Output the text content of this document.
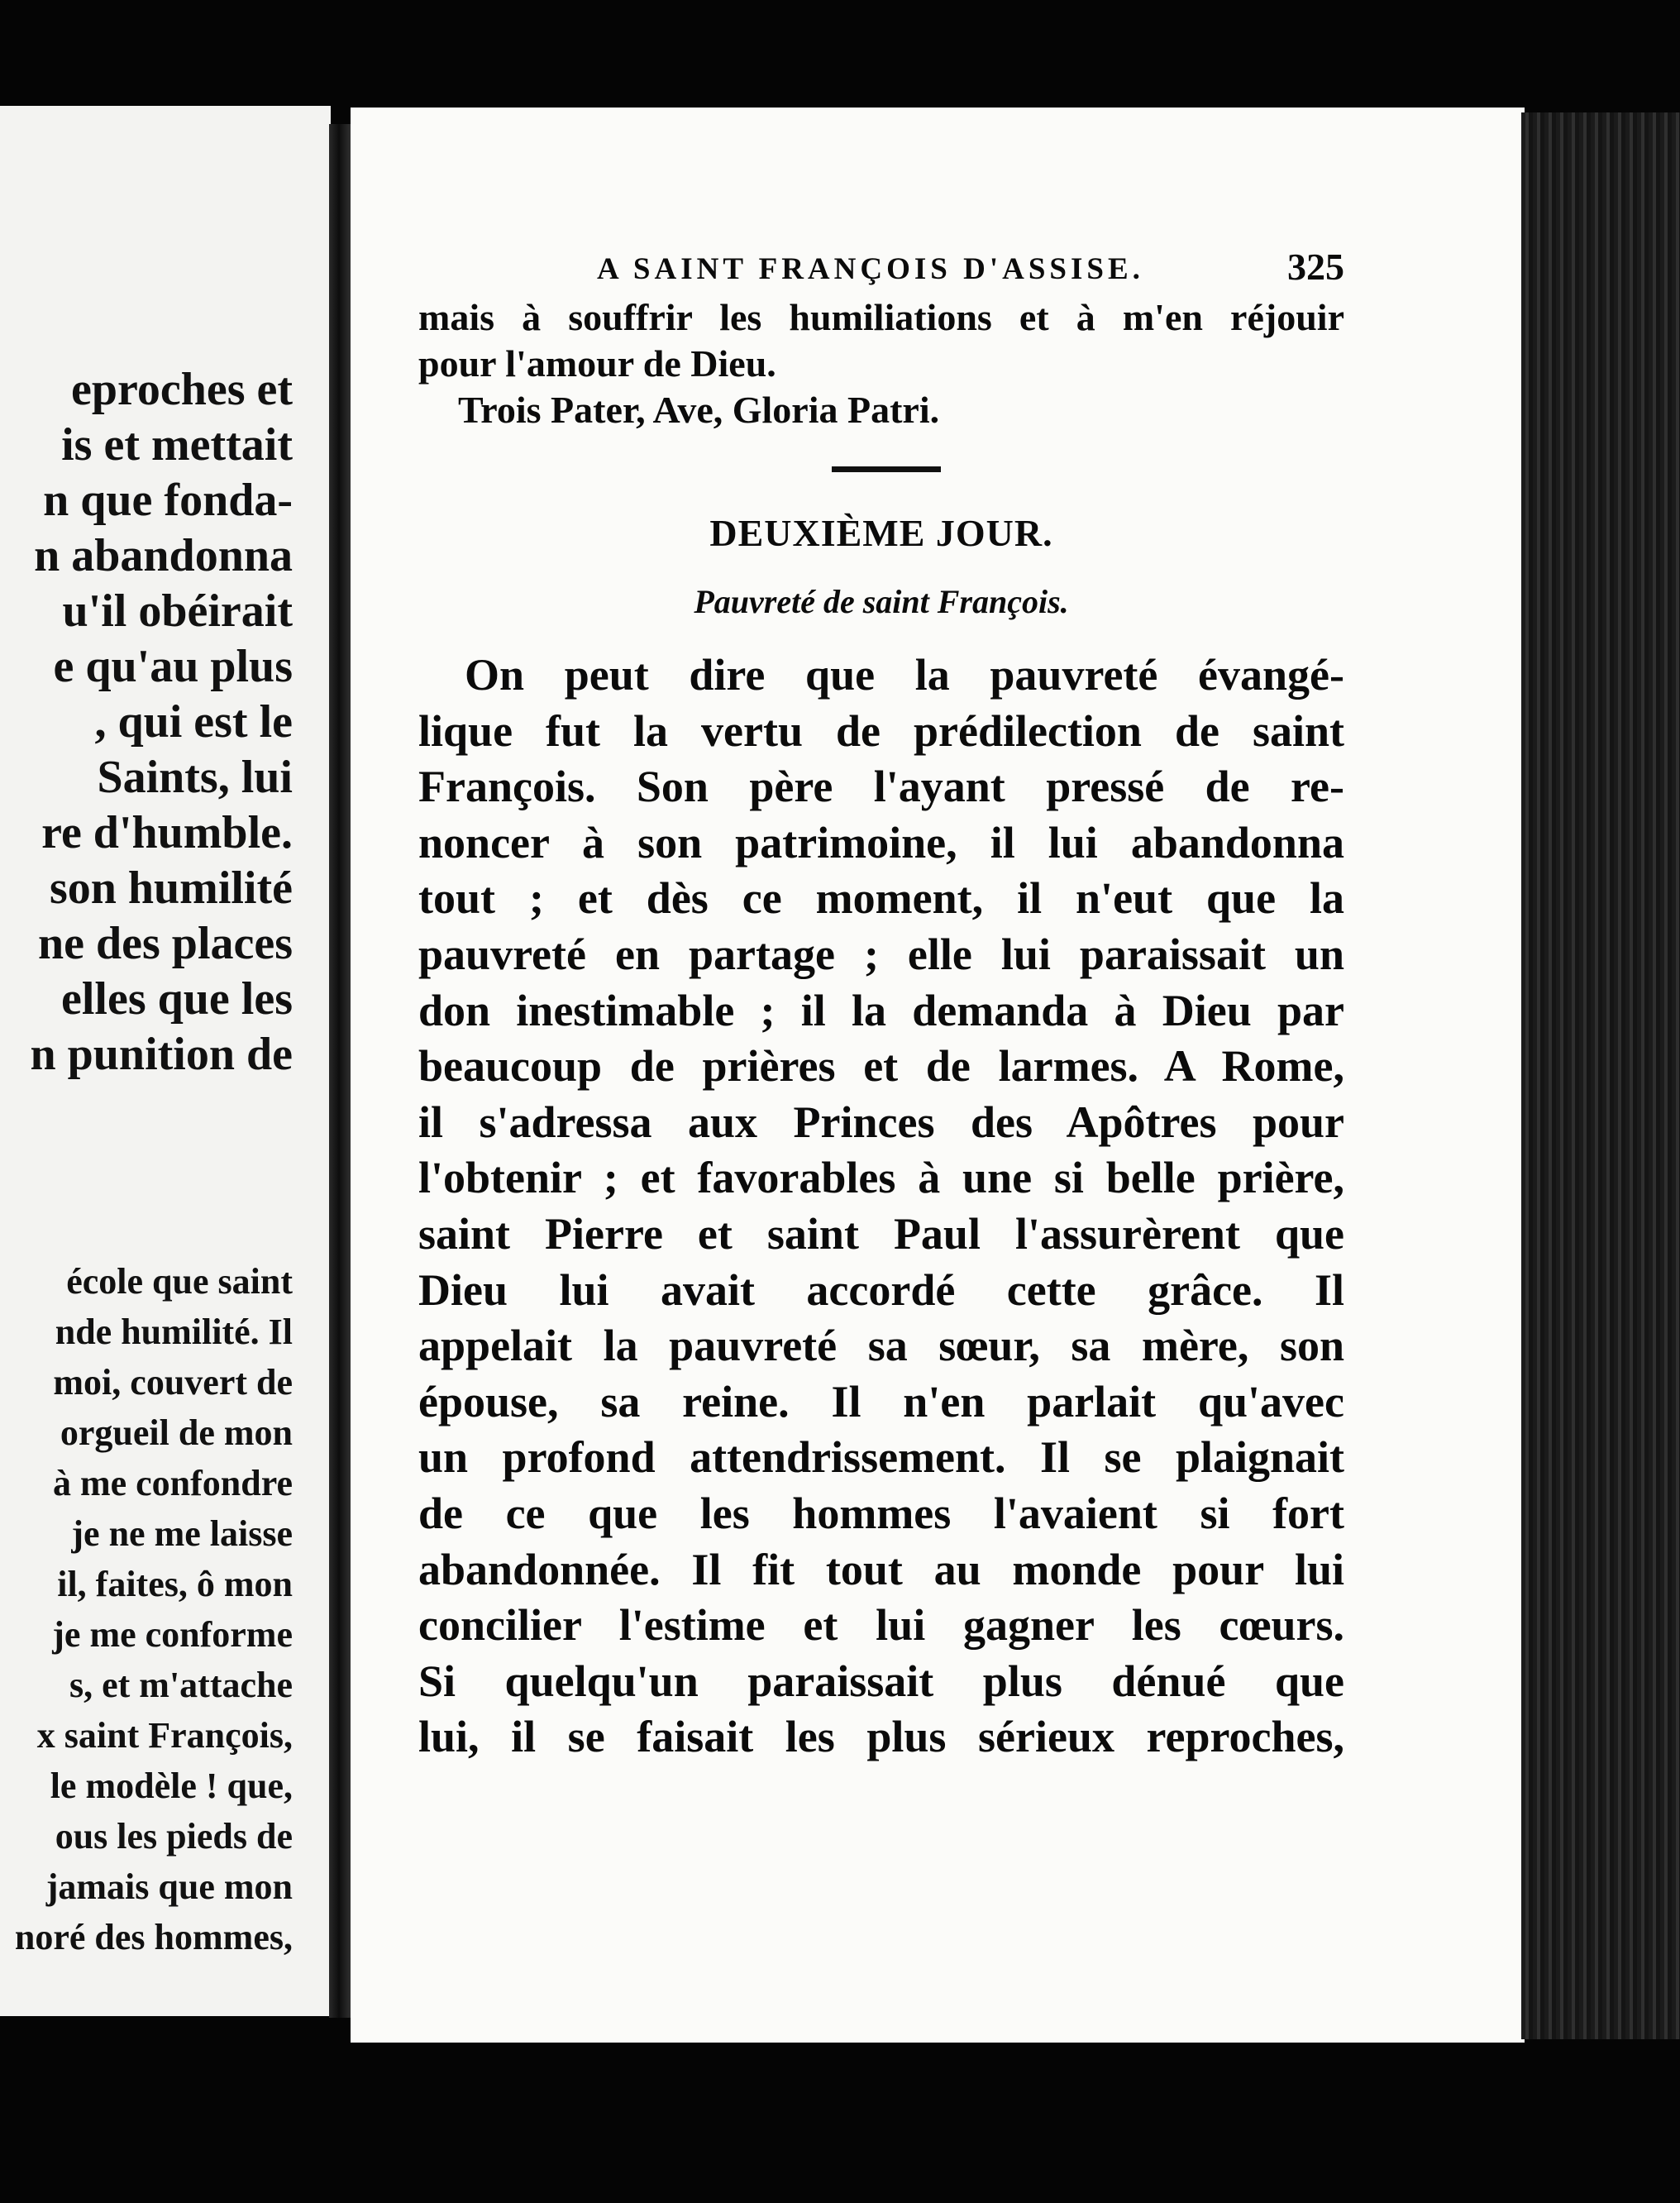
eproches et
is et mettait
n que fonda-
n abandonna
u'il obéirait
e qu'au plus
, qui est le
Saints, lui
re d'humble.
son humilité
ne des places
elles que les
n punition de
école que saint
nde humilité. Il
moi, couvert de
orgueil de mon
à me confondre
je ne me laisse
il, faites, ô mon
je me conforme
s, et m'attache
x saint François,
le modèle ! que,
ous les pieds de
jamais que mon
noré des hommes,
A SAINT FRANÇOIS D'ASSISE.	325
mais à souffrir les humiliations et à m'en réjouir
pour l'amour de Dieu.
Trois Pater, Ave, Gloria Patri.
DEUXIÈME JOUR.
Pauvreté de saint François.
On peut dire que la pauvreté évangé-
lique fut la vertu de prédilection de saint
François. Son père l'ayant pressé de re-
noncer à son patrimoine, il lui abandonna
tout ; et dès ce moment, il n'eut que la
pauvreté en partage ; elle lui paraissait un
don inestimable ; il la demanda à Dieu par
beaucoup de prières et de larmes. A Rome,
il s'adressa aux Princes des Apôtres pour
l'obtenir ; et favorables à une si belle prière,
saint Pierre et saint Paul l'assurèrent que
Dieu lui avait accordé cette grâce. Il
appelait la pauvreté sa sœur, sa mère, son
épouse, sa reine. Il n'en parlait qu'avec
un profond attendrissement. Il se plaignait
de ce que les hommes l'avaient si fort
abandonnée. Il fit tout au monde pour lui
concilier l'estime et lui gagner les cœurs.
Si quelqu'un paraissait plus dénué que
lui, il se faisait les plus sérieux reproches,
